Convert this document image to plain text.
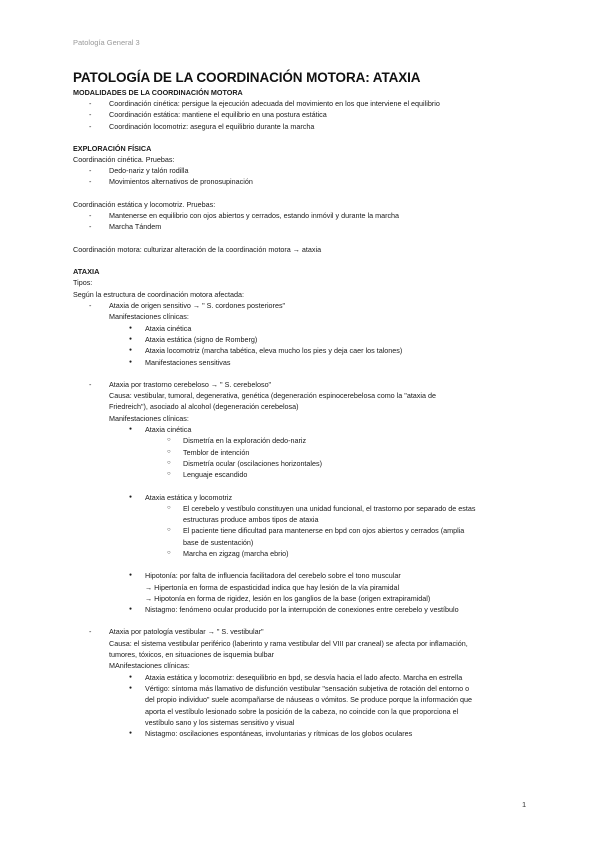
Patología General 3
PATOLOGÍA DE LA COORDINACIÓN MOTORA: ATAXIA
MODALIDADES DE LA COORDINACIÓN MOTORA
- Coordinación cinética: persigue la ejecución adecuada del movimiento en los que interviene el equilibrio
- Coordinación estática: mantiene el equilibrio en una postura estática
- Coordinación locomotriz: asegura el equilibrio durante la marcha
EXPLORACIÓN FÍSICA
Coordinación cinética. Pruebas:
- Dedo-nariz y talón rodilla
- Movimientos alternativos de pronosupinación
Coordinación estática y locomotriz. Pruebas:
- Mantenerse en equilibrio con ojos abiertos y cerrados, estando inmóvil y durante la marcha
- Marcha Tándem
Coordinación motora: culturizar alteración de la coordinación motora → ataxia
ATAXIA
Tipos:
Según la estructura de coordinación motora afectada:
- Ataxia de origen sensitivo → " S. cordones posteriores"
Manifestaciones clínicas:
● Ataxia cinética
● Ataxia estática (signo de Romberg)
● Ataxia locomotriz (marcha tabética, eleva mucho los pies y deja caer los talones)
● Manifestaciones sensitivas
- Ataxia por trastorno cerebeloso → " S. cerebeloso"
Causa: vestibular, tumoral, degenerativa, genética (degeneración espinocerebelosa como la "ataxia de
Friedreich"), asociado al alcohol (degeneración cerebelosa)
Manifestaciones clínicas:
● Ataxia cinética
○ Dismetría en la exploración dedo-nariz
○ Temblor de intención
○ Dismetría ocular (oscilaciones horizontales)
○ Lenguaje escandido
● Ataxia estática y locomotriz
○ El cerebelo y vestíbulo constituyen una unidad funcional, el trastorno por separado de estas
estructuras produce ambos tipos de ataxia
○ El paciente tiene dificultad para mantenerse en bpd con ojos abiertos y cerrados (amplia
base de sustentación)
○ Marcha en zigzag (marcha ebrio)
● Hipotonía: por falta de influencia facilitadora del cerebelo sobre el tono muscular
→ Hipertonía en forma de espasticidad indica que hay lesión de la vía piramidal
→ Hipotonía en forma de rigidez, lesión en los ganglios de la base (origen extrapiramidal)
● Nistagmo: fenómeno ocular producido por la interrupción de conexiones entre cerebelo y vestíbulo
- Ataxia por patología vestibular → " S. vestibular"
Causa: el sistema vestibular periférico (laberinto y rama vestibular del VIII par craneal) se afecta por inflamación,
tumores, tóxicos, en situaciones de isquemia bulbar
MAnifestaciones clínicas:
● Ataxia estática y locomotriz: desequilibrio en bpd, se desvía hacia el lado afecto. Marcha en estrella
● Vértigo: síntoma más llamativo de disfunción vestibular "sensación subjetiva de rotación del entorno o
del propio individuo" suele acompañarse de náuseas o vómitos. Se produce porque la información que
aporta el vestíbulo lesionado sobre la posición de la cabeza, no coincide con la que proporciona el
vestíbulo sano y los sistemas sensitivo y visual
● Nistagmo: oscilaciones espontáneas, involuntarias y rítmicas de los globos oculares
1
